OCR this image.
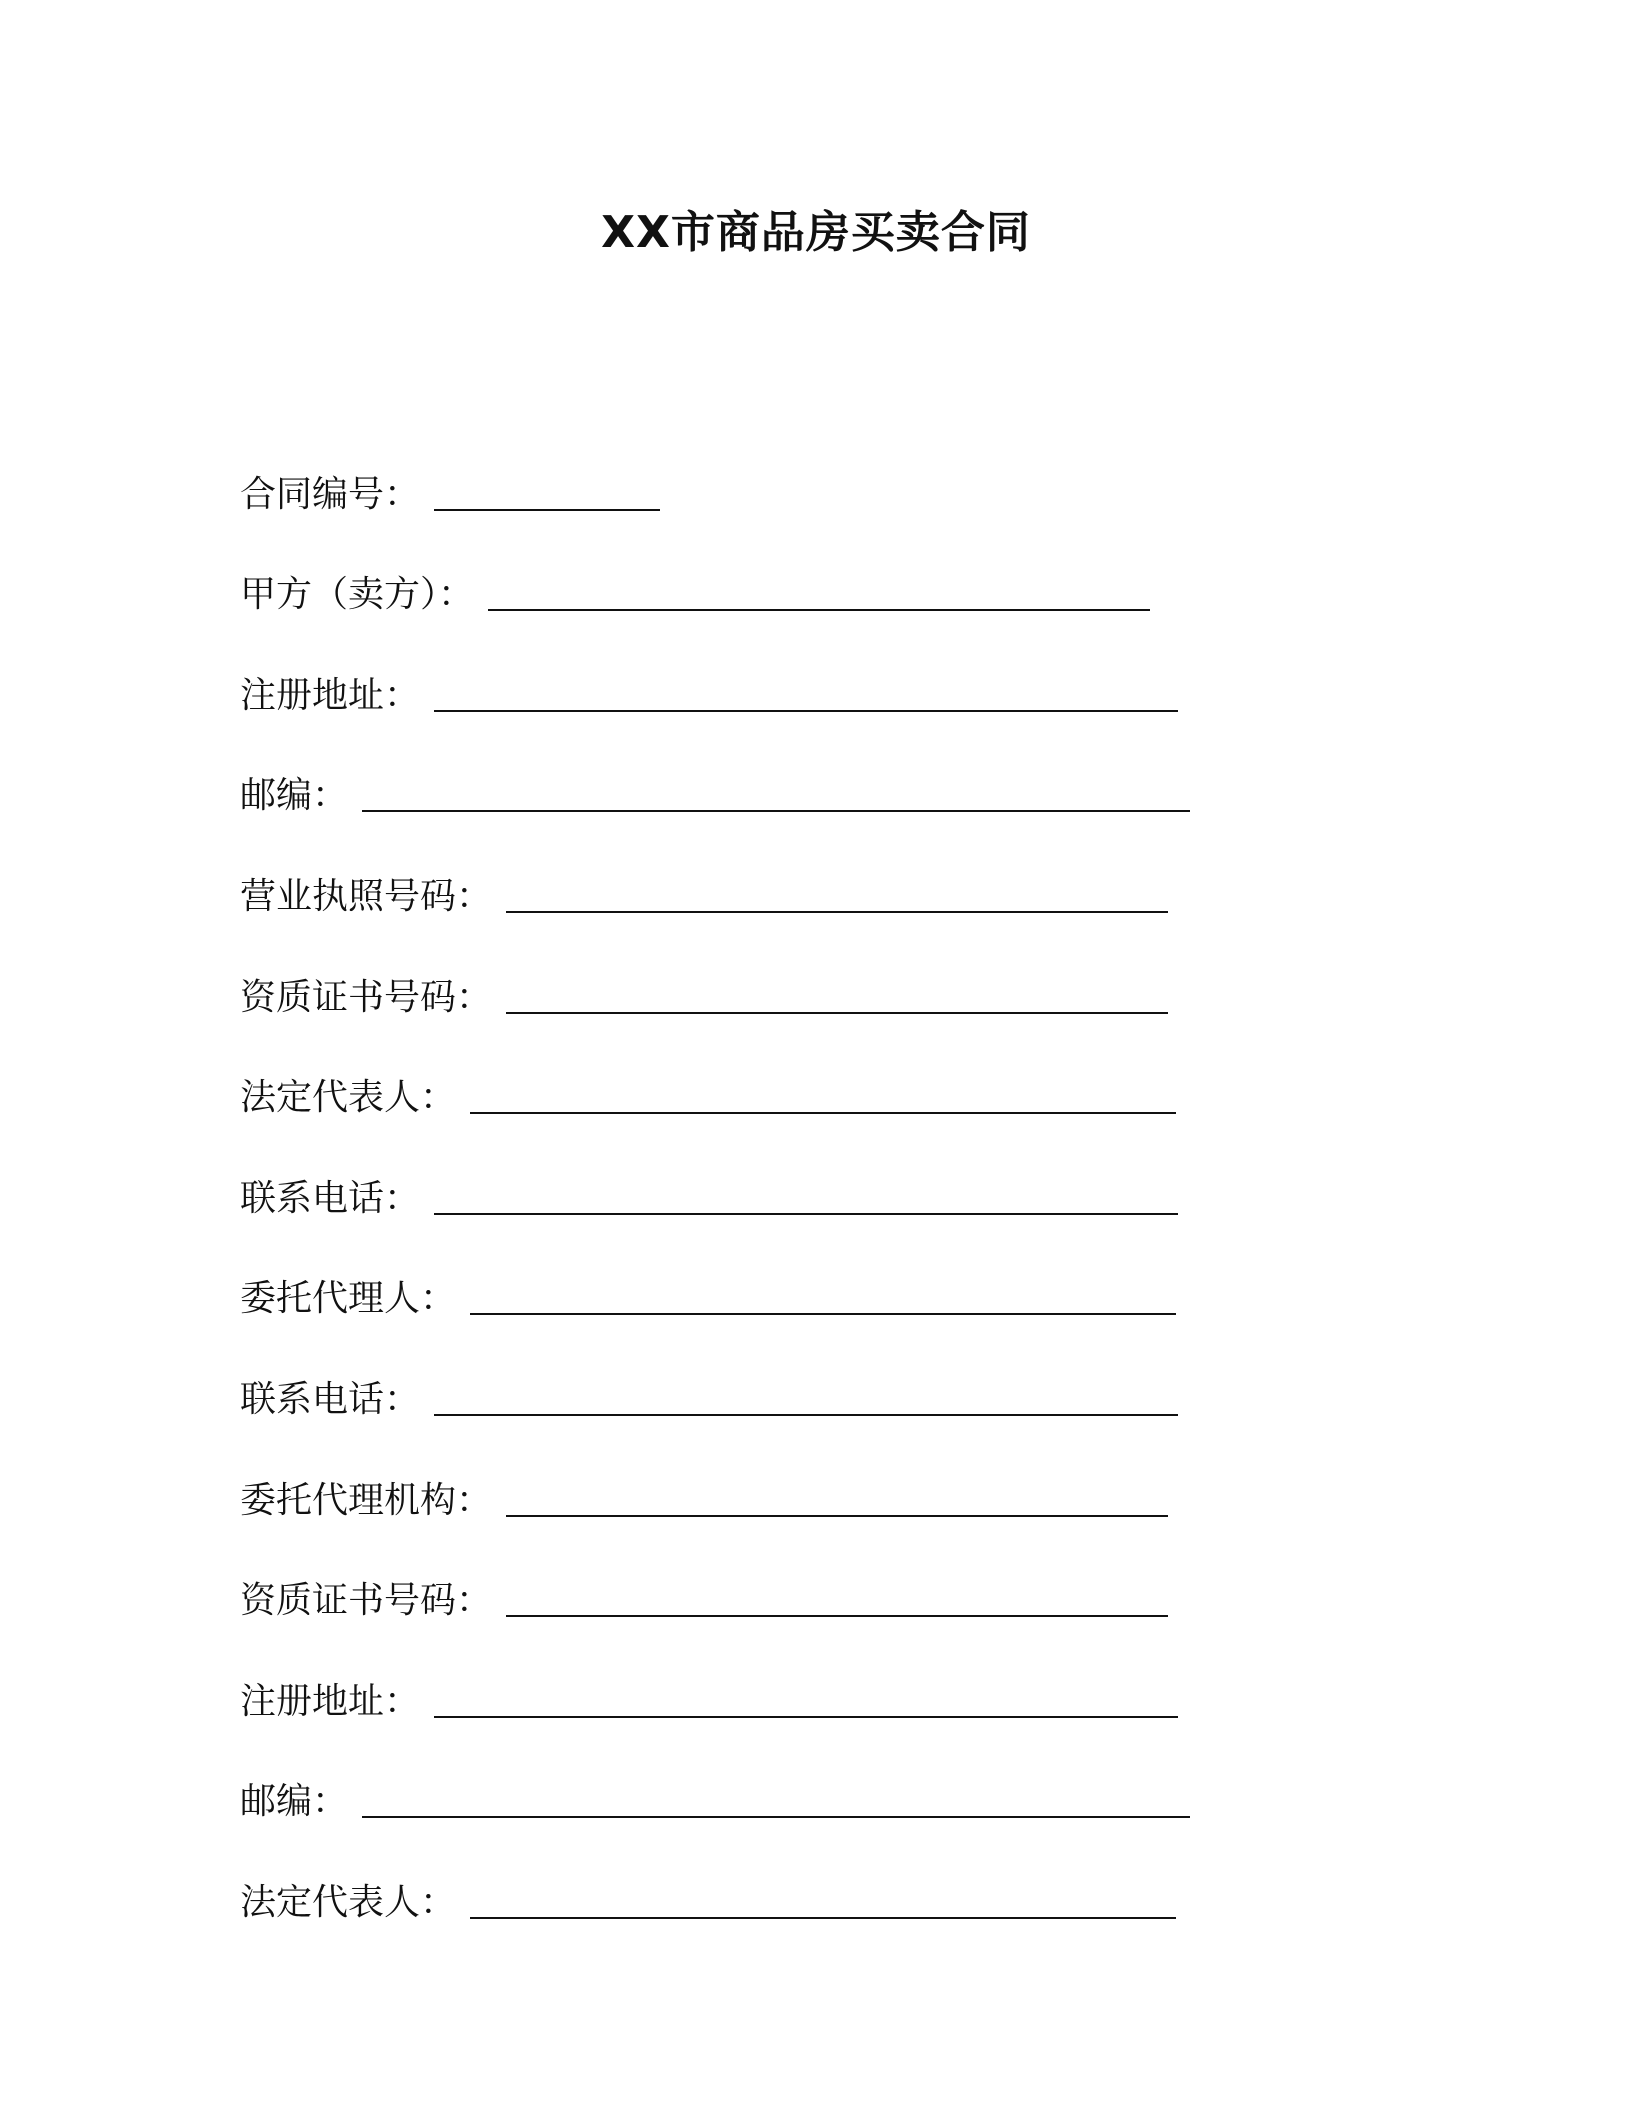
XX市商品房买卖合同
合同编号：
甲方（卖方）：
注册地址：
邮编：
营业执照号码：
资质证书号码：
法定代表人：
联系电话：
委托代理人：
联系电话：
委托代理机构：
资质证书号码：
注册地址：
邮编：
法定代表人：
